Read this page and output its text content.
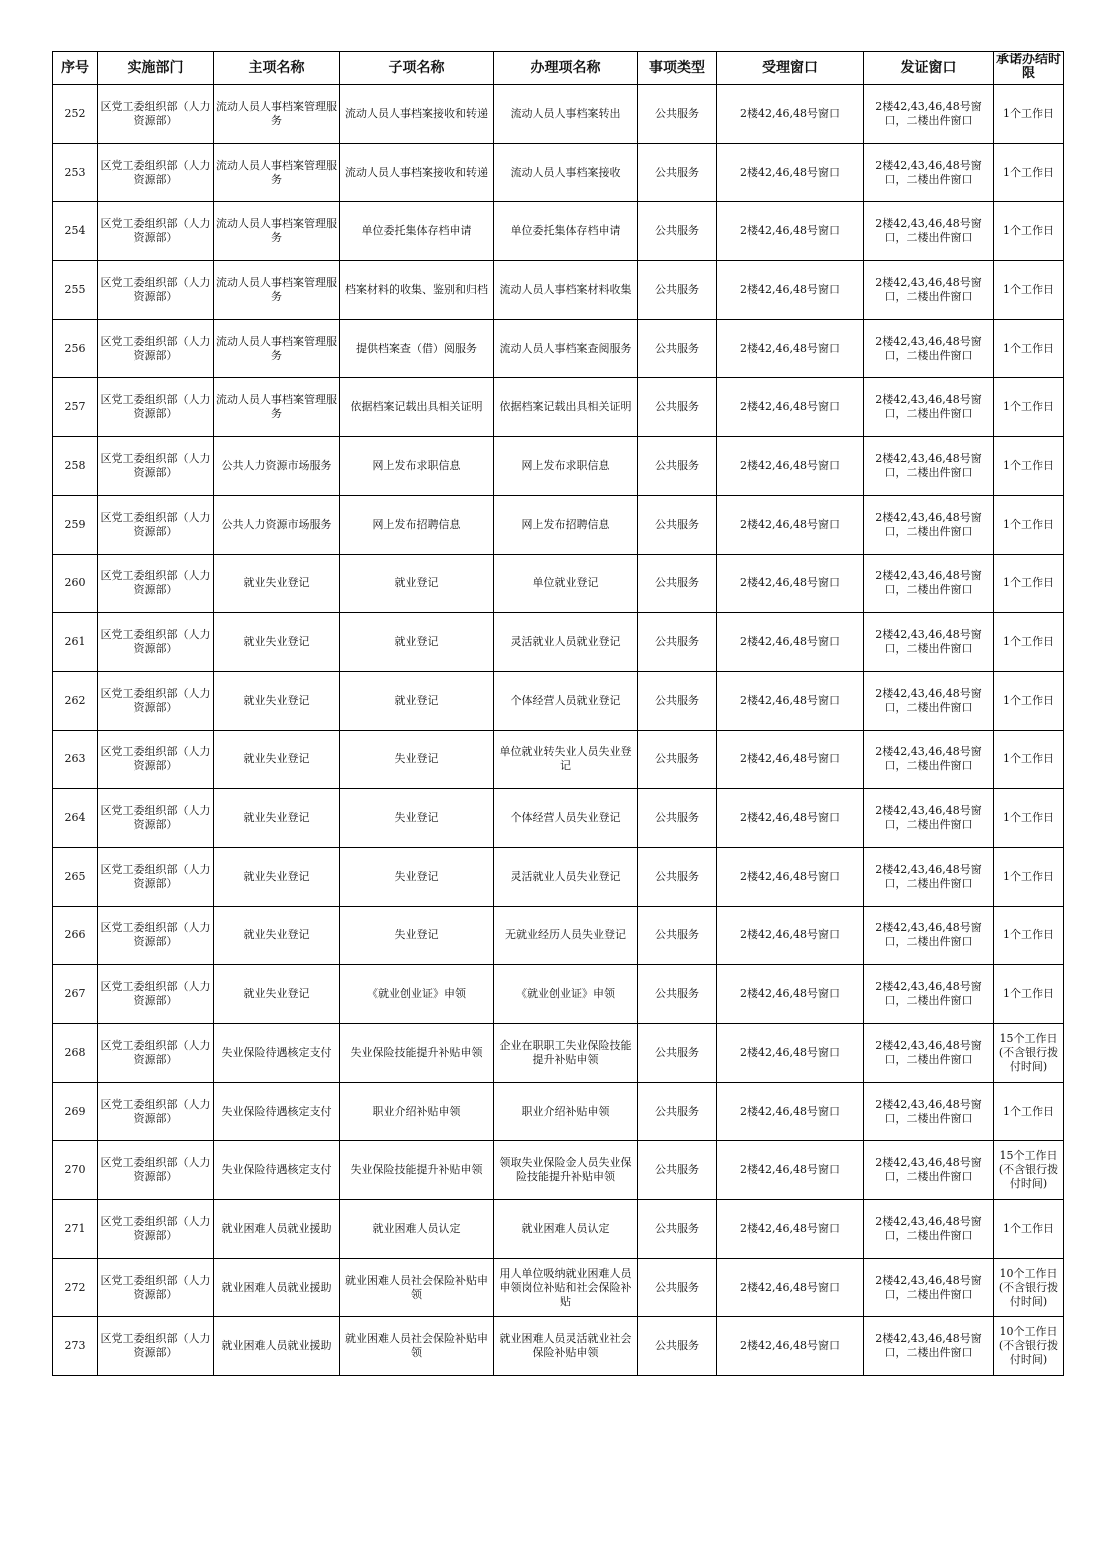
序号	实施部门	主项名称	子项名称	办理项名称	事项类型	受理窗口	发证窗口	承诺办结时限

252	区党工委组织部（人力资源部）	流动人员人事档案管理服务	流动人员人事档案接收和转递	流动人员人事档案转出	公共服务	2楼42,46,48号窗口	2楼42,43,46,48号窗口，二楼出件窗口	1个工作日
253	区党工委组织部（人力资源部）	流动人员人事档案管理服务	流动人员人事档案接收和转递	流动人员人事档案接收	公共服务	2楼42,46,48号窗口	2楼42,43,46,48号窗口，二楼出件窗口	1个工作日
254	区党工委组织部（人力资源部）	流动人员人事档案管理服务	单位委托集体存档申请	单位委托集体存档申请	公共服务	2楼42,46,48号窗口	2楼42,43,46,48号窗口，二楼出件窗口	1个工作日
255	区党工委组织部（人力资源部）	流动人员人事档案管理服务	档案材料的收集、鉴别和归档	流动人员人事档案材料收集	公共服务	2楼42,46,48号窗口	2楼42,43,46,48号窗口，二楼出件窗口	1个工作日
256	区党工委组织部（人力资源部）	流动人员人事档案管理服务	提供档案查（借）阅服务	流动人员人事档案查阅服务	公共服务	2楼42,46,48号窗口	2楼42,43,46,48号窗口，二楼出件窗口	1个工作日
257	区党工委组织部（人力资源部）	流动人员人事档案管理服务	依据档案记载出具相关证明	依据档案记载出具相关证明	公共服务	2楼42,46,48号窗口	2楼42,43,46,48号窗口，二楼出件窗口	1个工作日
258	区党工委组织部（人力资源部）	公共人力资源市场服务	网上发布求职信息	网上发布求职信息	公共服务	2楼42,46,48号窗口	2楼42,43,46,48号窗口，二楼出件窗口	1个工作日
259	区党工委组织部（人力资源部）	公共人力资源市场服务	网上发布招聘信息	网上发布招聘信息	公共服务	2楼42,46,48号窗口	2楼42,43,46,48号窗口，二楼出件窗口	1个工作日
260	区党工委组织部（人力资源部）	就业失业登记	就业登记	单位就业登记	公共服务	2楼42,46,48号窗口	2楼42,43,46,48号窗口，二楼出件窗口	1个工作日
261	区党工委组织部（人力资源部）	就业失业登记	就业登记	灵活就业人员就业登记	公共服务	2楼42,46,48号窗口	2楼42,43,46,48号窗口，二楼出件窗口	1个工作日
262	区党工委组织部（人力资源部）	就业失业登记	就业登记	个体经营人员就业登记	公共服务	2楼42,46,48号窗口	2楼42,43,46,48号窗口，二楼出件窗口	1个工作日
263	区党工委组织部（人力资源部）	就业失业登记	失业登记	单位就业转失业人员失业登记	公共服务	2楼42,46,48号窗口	2楼42,43,46,48号窗口，二楼出件窗口	1个工作日
264	区党工委组织部（人力资源部）	就业失业登记	失业登记	个体经营人员失业登记	公共服务	2楼42,46,48号窗口	2楼42,43,46,48号窗口，二楼出件窗口	1个工作日
265	区党工委组织部（人力资源部）	就业失业登记	失业登记	灵活就业人员失业登记	公共服务	2楼42,46,48号窗口	2楼42,43,46,48号窗口，二楼出件窗口	1个工作日
266	区党工委组织部（人力资源部）	就业失业登记	失业登记	无就业经历人员失业登记	公共服务	2楼42,46,48号窗口	2楼42,43,46,48号窗口，二楼出件窗口	1个工作日
267	区党工委组织部（人力资源部）	就业失业登记	《就业创业证》申领	《就业创业证》申领	公共服务	2楼42,46,48号窗口	2楼42,43,46,48号窗口，二楼出件窗口	1个工作日
268	区党工委组织部（人力资源部）	失业保险待遇核定支付	失业保险技能提升补贴申领	企业在职职工失业保险技能提升补贴申领	公共服务	2楼42,46,48号窗口	2楼42,43,46,48号窗口，二楼出件窗口	15个工作日(不含银行拨付时间)
269	区党工委组织部（人力资源部）	失业保险待遇核定支付	职业介绍补贴申领	职业介绍补贴申领	公共服务	2楼42,46,48号窗口	2楼42,43,46,48号窗口，二楼出件窗口	1个工作日
270	区党工委组织部（人力资源部）	失业保险待遇核定支付	失业保险技能提升补贴申领	领取失业保险金人员失业保险技能提升补贴申领	公共服务	2楼42,46,48号窗口	2楼42,43,46,48号窗口，二楼出件窗口	15个工作日(不含银行拨付时间)
271	区党工委组织部（人力资源部）	就业困难人员就业援助	就业困难人员认定	就业困难人员认定	公共服务	2楼42,46,48号窗口	2楼42,43,46,48号窗口，二楼出件窗口	1个工作日
272	区党工委组织部（人力资源部）	就业困难人员就业援助	就业困难人员社会保险补贴申领	用人单位吸纳就业困难人员申领岗位补贴和社会保险补贴	公共服务	2楼42,46,48号窗口	2楼42,43,46,48号窗口，二楼出件窗口	10个工作日(不含银行拨付时间)
273	区党工委组织部（人力资源部）	就业困难人员就业援助	就业困难人员社会保险补贴申领	就业困难人员灵活就业社会保险补贴申领	公共服务	2楼42,46,48号窗口	2楼42,43,46,48号窗口，二楼出件窗口	10个工作日(不含银行拨付时间)
